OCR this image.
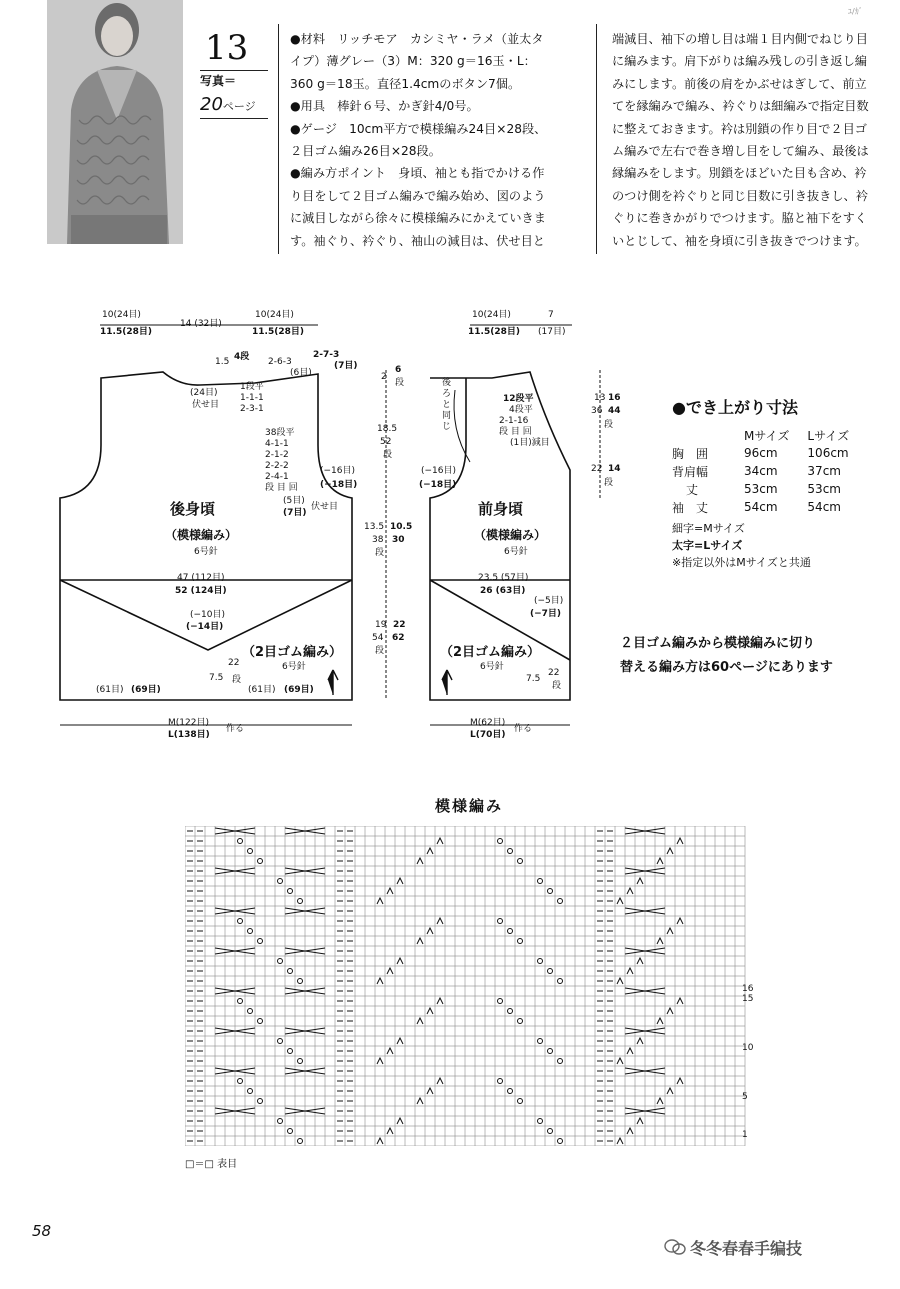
13
写真＝
20ページ
ﾕ/ｶﾞ

●材料　リッチモア　カシミヤ・ラメ（並太タ

イプ）薄グレー（3）M：320 g＝16玉・L：

360 g＝18玉。直径1.4cmのボタン7個。

●用具　棒針６号、かぎ針4/0号。

●ゲージ　10cm平方で模様編み24目×28段、

２目ゴム編み26目×28段。

●編み方ポイント　身頃、袖とも指でかける作

り目をして２目ゴム編みで編み始め、図のよう

に減目しながら徐々に模様編みにかえていきま

す。袖ぐり、衿ぐり、袖山の減目は、伏せ目と

端減目、袖下の増し目は端１目内側でねじり目

に編みます。肩下がりは編み残しの引き返し編

みにします。前後の肩をかぶせはぎして、前立

てを縁編みで編み、衿ぐりは細編みで指定目数

に整えておきます。衿は別鎖の作り目で２目ゴ

ム編みで左右で巻き増し目をして編み、最後は

縁編みをします。別鎖をほどいた目も含め、衿

のつけ側を衿ぐりと同じ目数に引き抜きし、衿

ぐりに巻きかがりでつけます。脇と袖下をすく

いとじして、袖を身頃に引き抜きでつけます。

10(24目)
11.5(28目)
14 (32目)
10(24目)
11.5(28目)
1.5 4段
(24目)
伏せ目
1段平
1-1-1
2-3-1
2-6-3
(6目)
2-7-3
(7目)
38段平
4-1-1
2-1-2
2-2-2
2-4-1
段 目 回
(5目)
(7目)
伏せ目
(−16目)
(−18目)
後身頃
（模様編み）
6号針
47 (112目)
52 (124目)
(−10目)
(−14目)
（2目ゴム編み）
6号針
22
段
7.5
(61目) (69目)	(61目) (69目)
M(122目)
L(138目)
作る
2
6
段
18.5
52
段
13.5 10.5
38 30
段
19 22
54 62
段
10(24目)
11.5(28目)
7
(17目)
後ろと同じ
12段平
4段平
2-1-16
段 目 回
(1目)減目
(−16目)
(−18目)
前身頃
（模様編み）
6号針
23.5 (57目)
26 (63目)
(−5目)
(−7目)
（2目ゴム編み）
6号針
7.5
22
段
M(62目)
L(70目)
作る
13 16
36 44
段
22 14
段
●でき上がり寸法
	Mサイズ	Lサイズ
胸　囲	96cm	106cm
背肩幅	34cm	37cm
丈	53cm	53cm
袖　丈	54cm	54cm
細字=Mサイズ
太字=Lサイズ
※指定以外はMサイズと共通
２目ゴム編みから模様編みに切り
替える編み方は60ページにあります
模様編み
16
15
10
5
1
□＝□ 表目
58
冬冬春春手编技
